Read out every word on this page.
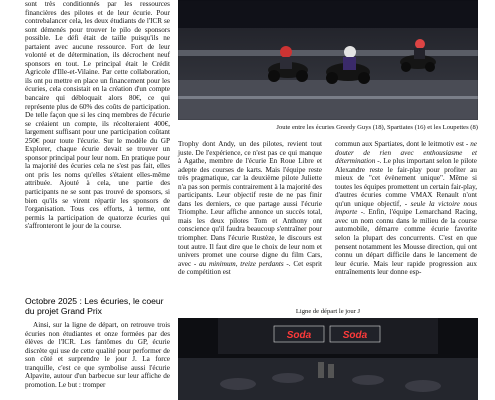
sont très conditionnés par les ressources financières des pilotes et de leur écurie. Pour contrebalancer cela, les deux étudiants de l'ICR se sont démenés pour trouver le pilo de sponsors possible. Le défi était de taille puisqu'ils ne partaient avec aucune ressource. Fort de leur volonté et de détermination, ils décrochent neuf sponsors en tout. Le principal était le Crédit Agricole d'Ille-et-Vilaine. Par cette collaboration, ils ont pu mettre en place un financement pour les écuries, cela consistait en la création d'un compte bancaire qui débloquait alors 80€, ce qui représente plus de 60% des coûts de participation. De telle façon que si les cinq membres de l'écurie se créaient un compte, ils récolteraient 400€, largement suffisant pour une participation coûtant 250€ pour toute l'écurie. Sur le modèle du GP Explorer, chaque écurie devait se trouver un sponsor principal pour leur nom. En pratique pour la majorité des écuries cela ne s'est pas fait, elles ont pris les noms qu'elles s'étaient elles-même attribuée. Ajouté à cela, une partie des participants ne se sont pas trouvé de sponsors, si bien qu'ils se virent répartir les sponsors de l'organisation. Tous ces efforts, à terme, ont permis la participation de quatorze écuries qui s'affronteront le jour de la course.

Octobre 2025 : Les écuries, le coeur du projet Grand Prix

Ainsi, sur la ligne de départ, on retrouve trois écuries non étudiantes et onze formées par des élèves de l'ICR. Les fantômes du GP, écurie discrète qui use de cette qualité pour performer de son côté et surprendre le jour J. La force tranquille, c'est ce que symbolise aussi l'écurie Alpavite, autour d'un barbecue sur leur affiche de promotion. Le but : tromper

Joute entre les écuries Greedy Guys (18), Spartiates (16) et les Loupettes (8)

Trophy dont Andy, un des pilotes, revient tout juste. De l'expérience, ce n'est pas ce qui manque à Agathe, membre de l'écurie En Roue Libre et adepte des courses de karts. Mais l'équipe reste très pragmatique, car la deuxième pilote Juliette n'a pas son permis contrairement à la majorité des participants. Leur objectif reste de ne pas finir dans les derniers, ce que partage aussi l'écurie Triomphe. Leur affiche annonce un succès total, mais les deux pilotes Tom et Anthony ont conscience qu'il faudra beaucoup s'entraîner pour triompher. Dans l'écurie Rustèze, le discours est tout autre. Il faut dire que le choix de leur nom et univers promet une course digne du film Cars, avec - au minimum, treize perdants -. Cet esprit de compétition est

commun aux Spartiates, dont le leitmotiv est - ne douter de rien avec enthousiasme et détermination -. Le plus important selon le pilote Alexandre reste le fair-play pour profiter au mieux de "cet évènement unique". Même si toutes les équipes promettent un certain fair-play, d'autres écuries comme VMAX Renault n'ont qu'un unique objectif, - seule la victoire nous importe -. Enfin, l'équipe Lemarchand Racing, avec un nom connu dans le milieu de la course automobile, démarre comme écurie favorite selon la plupart des concurrents. C'est en que pensent notamment les Mousse direction, qui ont connu un départ difficile dans le lancement de leur écurie. Mais leur rapide progression aux entraînements leur donne esp-

Ligne de départ le jour J
Soda	Soda
